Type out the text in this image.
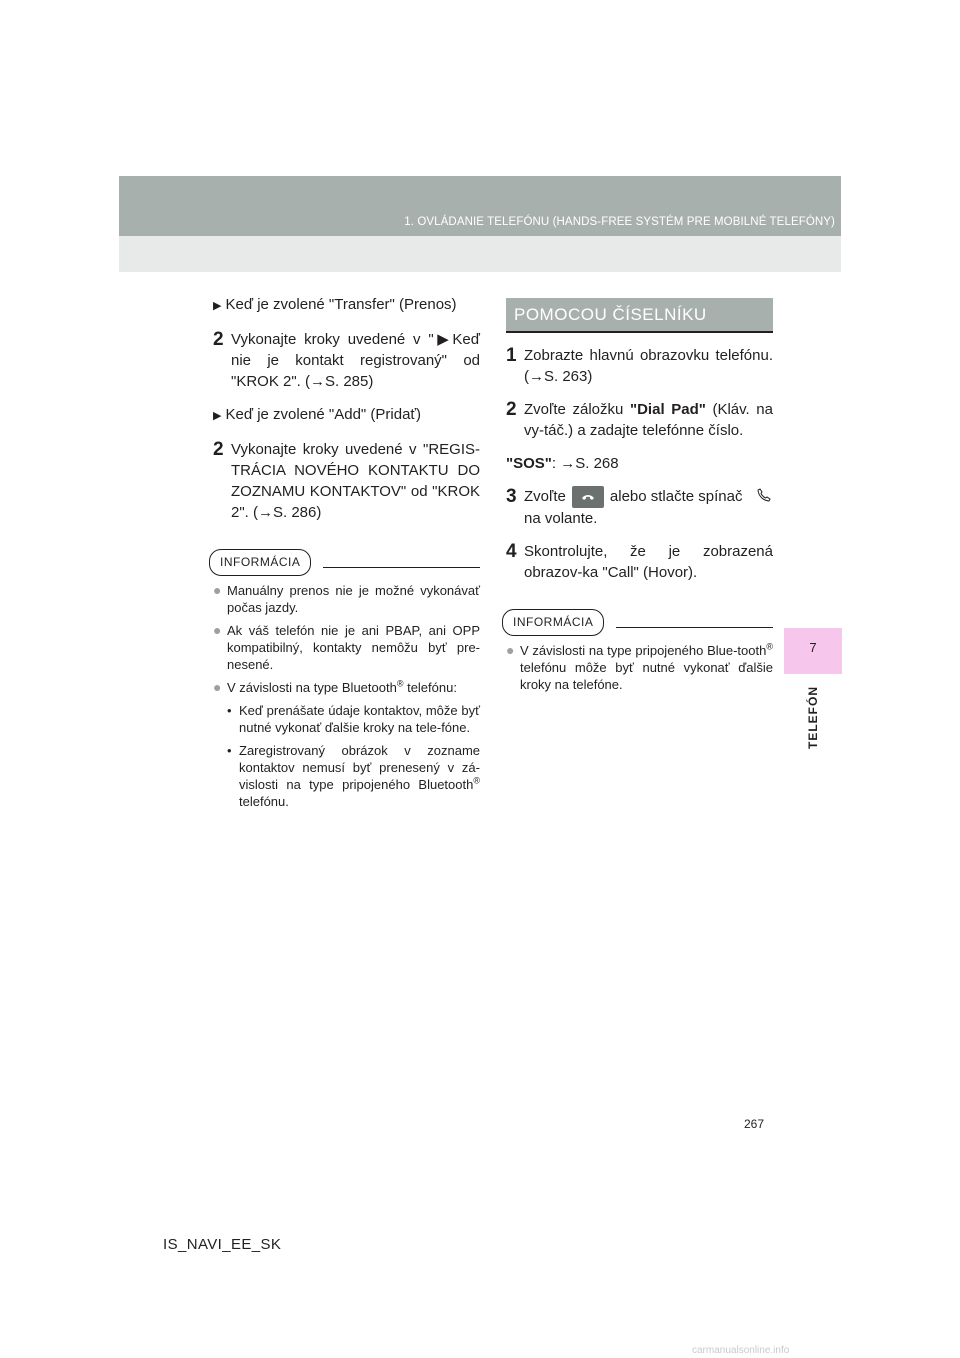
1. OVLÁDANIE TELEFÓNU (HANDS-FREE SYSTÉM PRE MOBILNÉ TELEFÓNY)
7
TELEFÓN
▶ Keď je zvolené "Transfer" (Prenos)
2 Vykonajte kroky uvedené v "▶Keď nie je kontakt registrovaný" od "KROK 2". (→S. 285)
▶ Keď je zvolené "Add" (Pridať)
2 Vykonajte kroky uvedené v "REGIS-TRÁCIA NOVÉHO KONTAKTU DO ZOZNAMU KONTAKTOV" od "KROK 2". (→S. 286)
INFORMÁCIA
● Manuálny prenos nie je možné vykonávať počas jazdy.
● Ak váš telefón nie je ani PBAP, ani OPP kompatibilný, kontakty nemôžu byť pre-nesené.
● V závislosti na type Bluetooth® telefónu:
• Keď prenášate údaje kontaktov, môže byť nutné vykonať ďalšie kroky na tele-fóne.
• Zaregistrovaný obrázok v zozname kontaktov nemusí byť prenesený v zá-vislosti na type pripojeného Bluetooth® telefónu.
POMOCOU ČÍSELNÍKU
1 Zobrazte hlavnú obrazovku telefónu. (→S. 263)
2 Zvoľte záložku "Dial Pad" (Kláv. na vy-táč.) a zadajte telefónne číslo.
"SOS": →S. 268
3 Zvoľte	alebo stlačte spínač
na volante.
4 Skontrolujte, že je zobrazená obrazov-ka "Call" (Hovor).
INFORMÁCIA
● V závislosti na type pripojeného Blue-tooth® telefónu môže byť nutné vykonať ďalšie kroky na telefóne.
267
IS_NAVI_EE_SK
carmanualsonline.info
